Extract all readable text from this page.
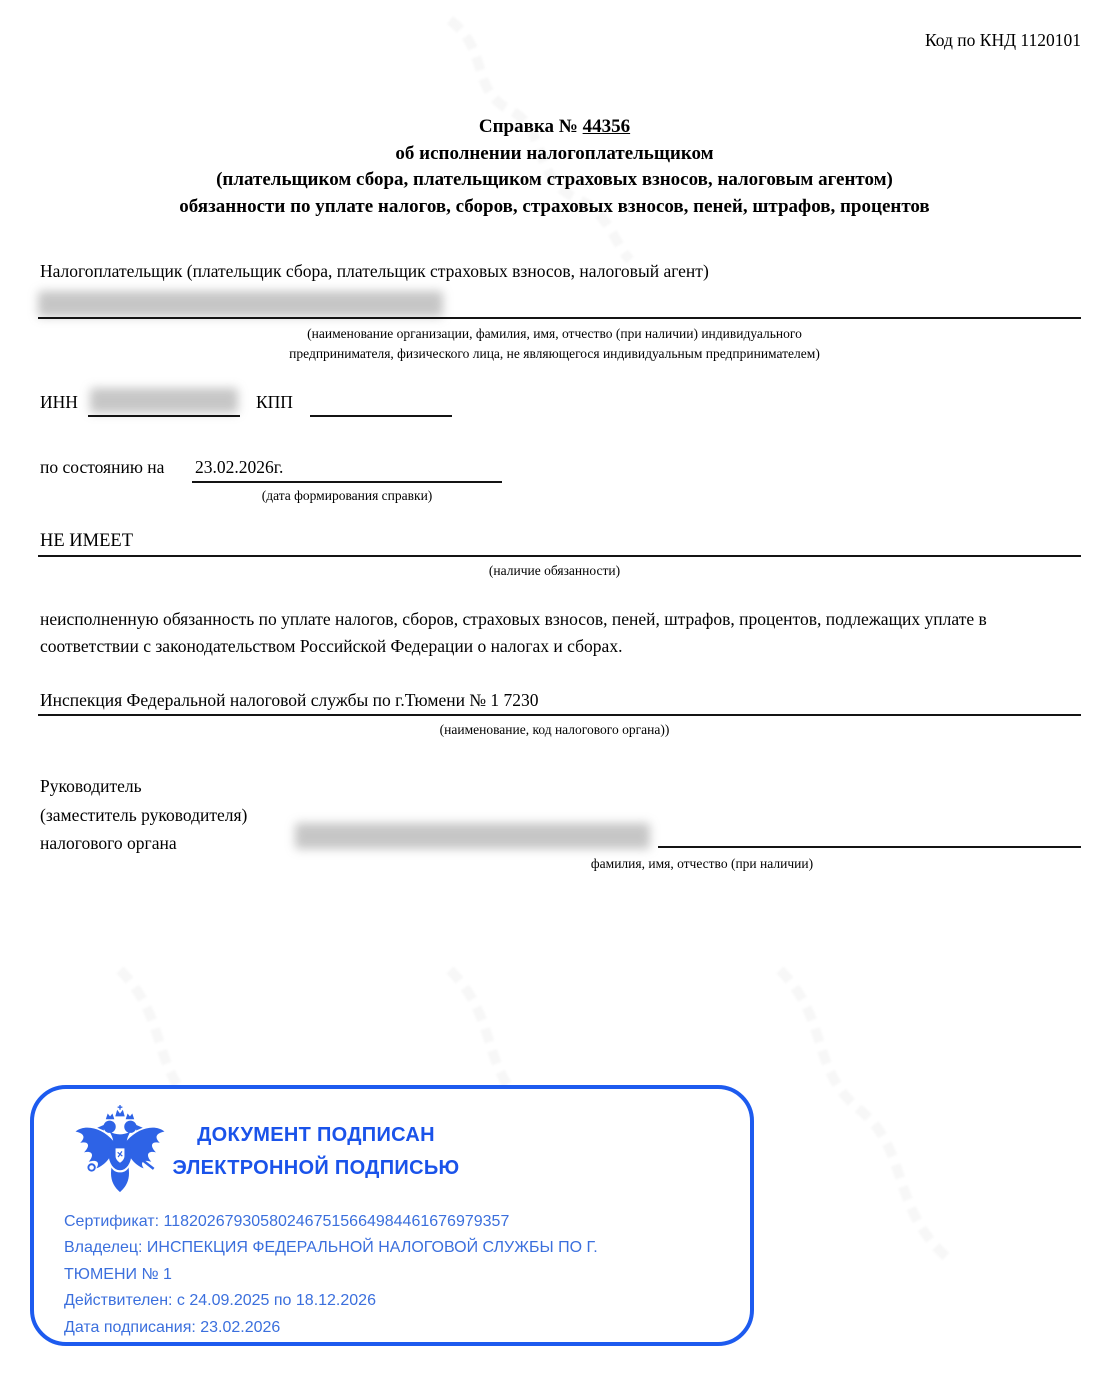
Код по КНД 1120101
Справка № 44356
об исполнении налогоплательщиком
(плательщиком сбора, плательщиком страховых взносов, налоговым агентом)
обязанности по уплате налогов, сборов, страховых взносов, пеней, штрафов, процентов
Налогоплательщик (плательщик сбора, плательщик страховых взносов, налоговый агент)
(наименование организации, фамилия, имя, отчество (при наличии) индивидуального
предпринимателя, физического лица, не являющегося индивидуальным предпринимателем)
ИНН	КПП
по состоянию на 23.02.2026г.
(дата формирования справки)
НЕ ИМЕЕТ
(наличие обязанности)
неисполненную обязанность по уплате налогов, сборов, страховых взносов, пеней, штрафов, процентов, подлежащих уплате в соответствии с законодательством Российской Федерации о налогах и сборах.
Инспекция Федеральной налоговой службы по г.Тюмени № 1 7230
(наименование, код налогового органа))
Руководитель
(заместитель руководителя)
налогового органа
фамилия, имя, отчество (при наличии)
ДОКУМЕНТ ПОДПИСАН
ЭЛЕКТРОННОЙ ПОДПИСЬЮ
Сертификат: 118202679305802467515664984461676979357
Владелец: ИНСПЕКЦИЯ ФЕДЕРАЛЬНОЙ НАЛОГОВОЙ СЛУЖБЫ ПО Г.
ТЮМЕНИ № 1
Действителен: с 24.09.2025 по 18.12.2026
Дата подписания: 23.02.2026
